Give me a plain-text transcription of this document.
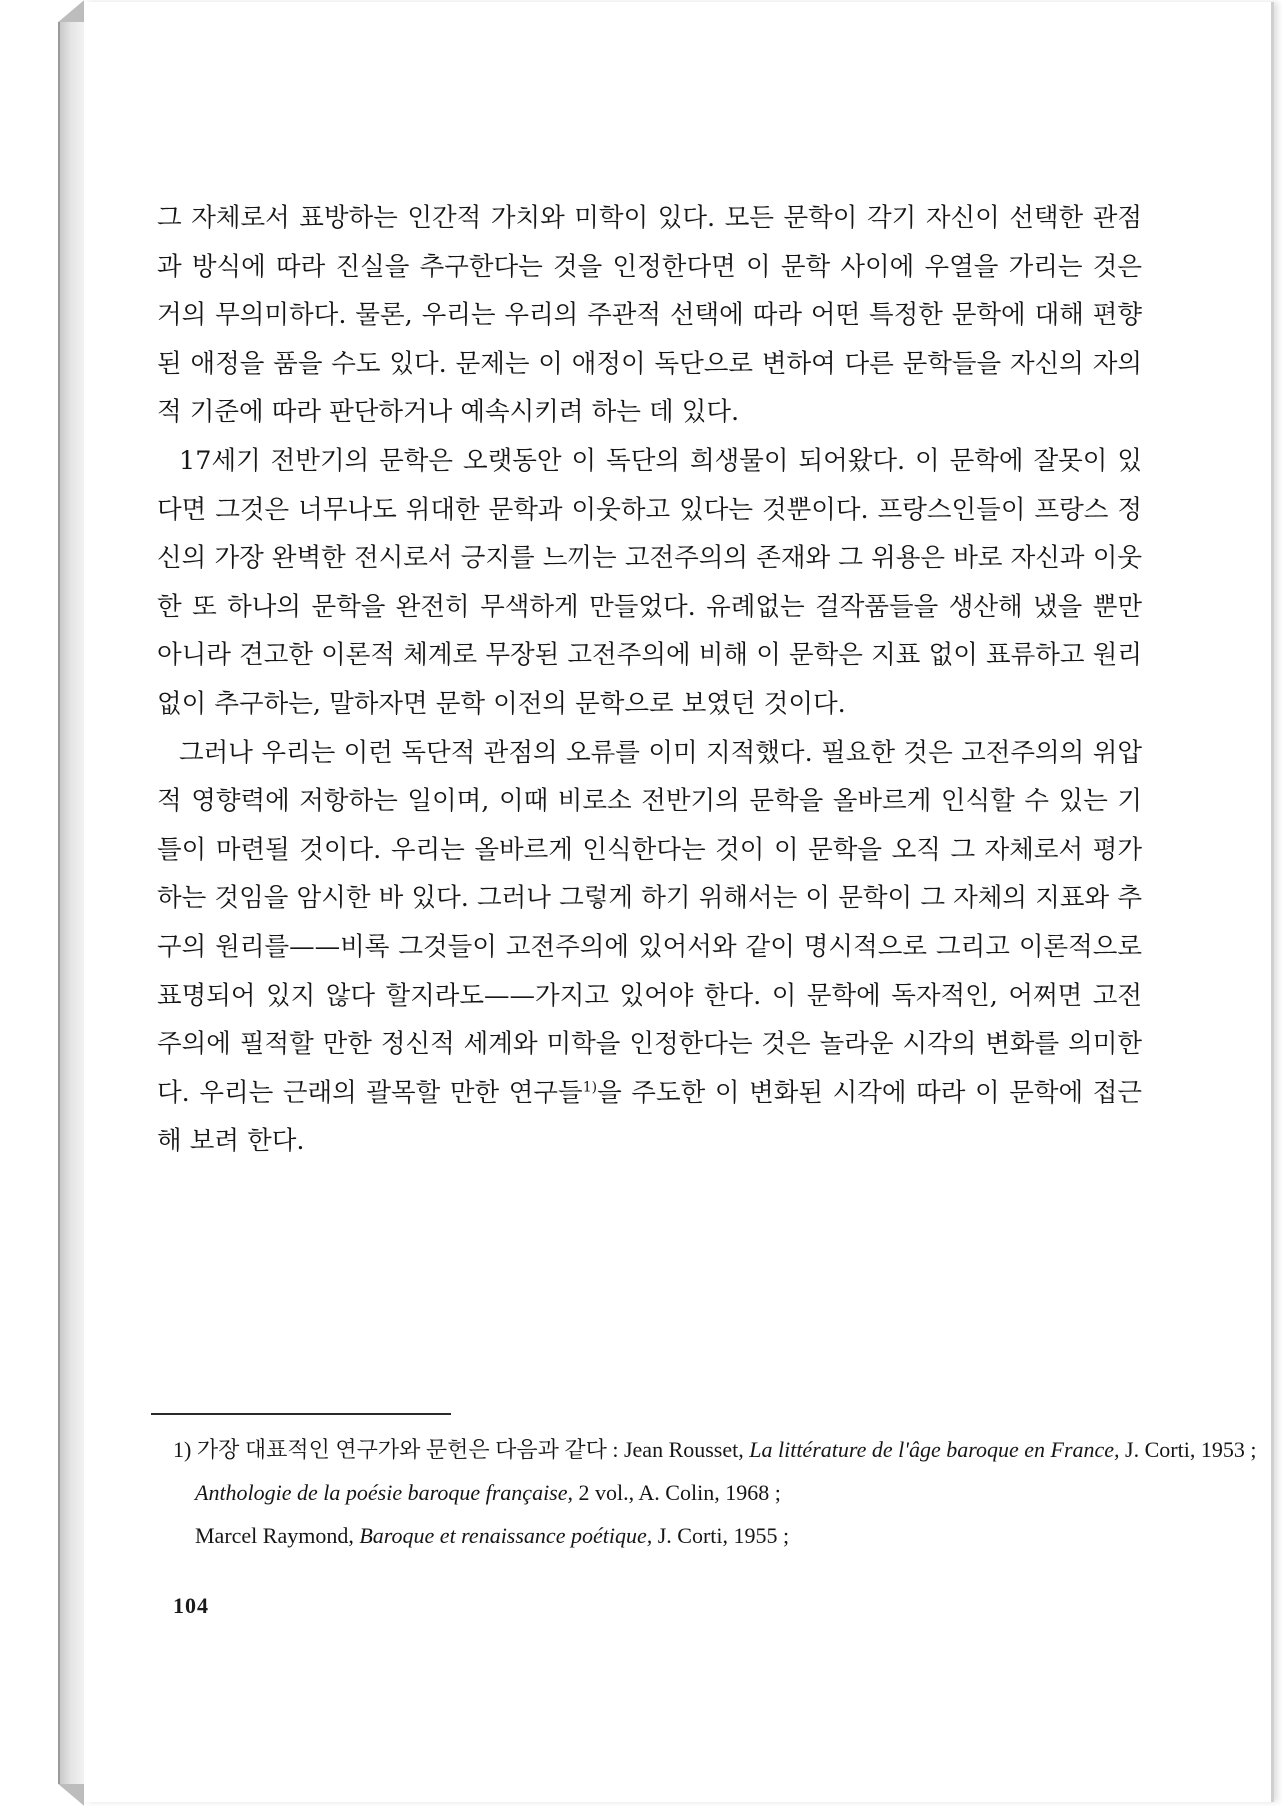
그 자체로서 표방하는 인간적 가치와 미학이 있다. 모든 문학이 각기 자신이 선택한 관점과 방식에 따라 진실을 추구한다는 것을 인정한다면 이 문학 사이에 우열을 가리는 것은 거의 무의미하다. 물론, 우리는 우리의 주관적 선택에 따라 어떤 특정한 문학에 대해 편향된 애정을 품을 수도 있다. 문제는 이 애정이 독단으로 변하여 다른 문학들을 자신의 자의적 기준에 따라 판단하거나 예속시키려 하는 데 있다.

17세기 전반기의 문학은 오랫동안 이 독단의 희생물이 되어왔다. 이 문학에 잘못이 있다면 그것은 너무나도 위대한 문학과 이웃하고 있다는 것뿐이다. 프랑스인들이 프랑스 정신의 가장 완벽한 전시로서 긍지를 느끼는 고전주의의 존재와 그 위용은 바로 자신과 이웃한 또 하나의 문학을 완전히 무색하게 만들었다. 유례없는 걸작품들을 생산해 냈을 뿐만 아니라 견고한 이론적 체계로 무장된 고전주의에 비해 이 문학은 지표 없이 표류하고 원리 없이 추구하는, 말하자면 문학 이전의 문학으로 보였던 것이다.

그러나 우리는 이런 독단적 관점의 오류를 이미 지적했다. 필요한 것은 고전주의의 위압적 영향력에 저항하는 일이며, 이때 비로소 전반기의 문학을 올바르게 인식할 수 있는 기틀이 마련될 것이다. 우리는 올바르게 인식한다는 것이 이 문학을 오직 그 자체로서 평가하는 것임을 암시한 바 있다. 그러나 그렇게 하기 위해서는 이 문학이 그 자체의 지표와 추구의 원리를——비록 그것들이 고전주의에 있어서와 같이 명시적으로 그리고 이론적으로 표명되어 있지 않다 할지라도——가지고 있어야 한다. 이 문학에 독자적인, 어쩌면 고전주의에 필적할 만한 정신적 세계와 미학을 인정한다는 것은 놀라운 시각의 변화를 의미한다. 우리는 근래의 괄목할 만한 연구들$^{1)}$을 주도한 이 변화된 시각에 따라 이 문학에 접근해 보려 한다.

1) 가장 대표적인 연구가와 문헌은 다음과 같다 : Jean Rousset, La littérature de l'âge baroque en France, J. Corti, 1953 ;
Anthologie de la poésie baroque française, 2 vol., A. Colin, 1968 ;
Marcel Raymond, Baroque et renaissance poétique, J. Corti, 1955 ;
104
